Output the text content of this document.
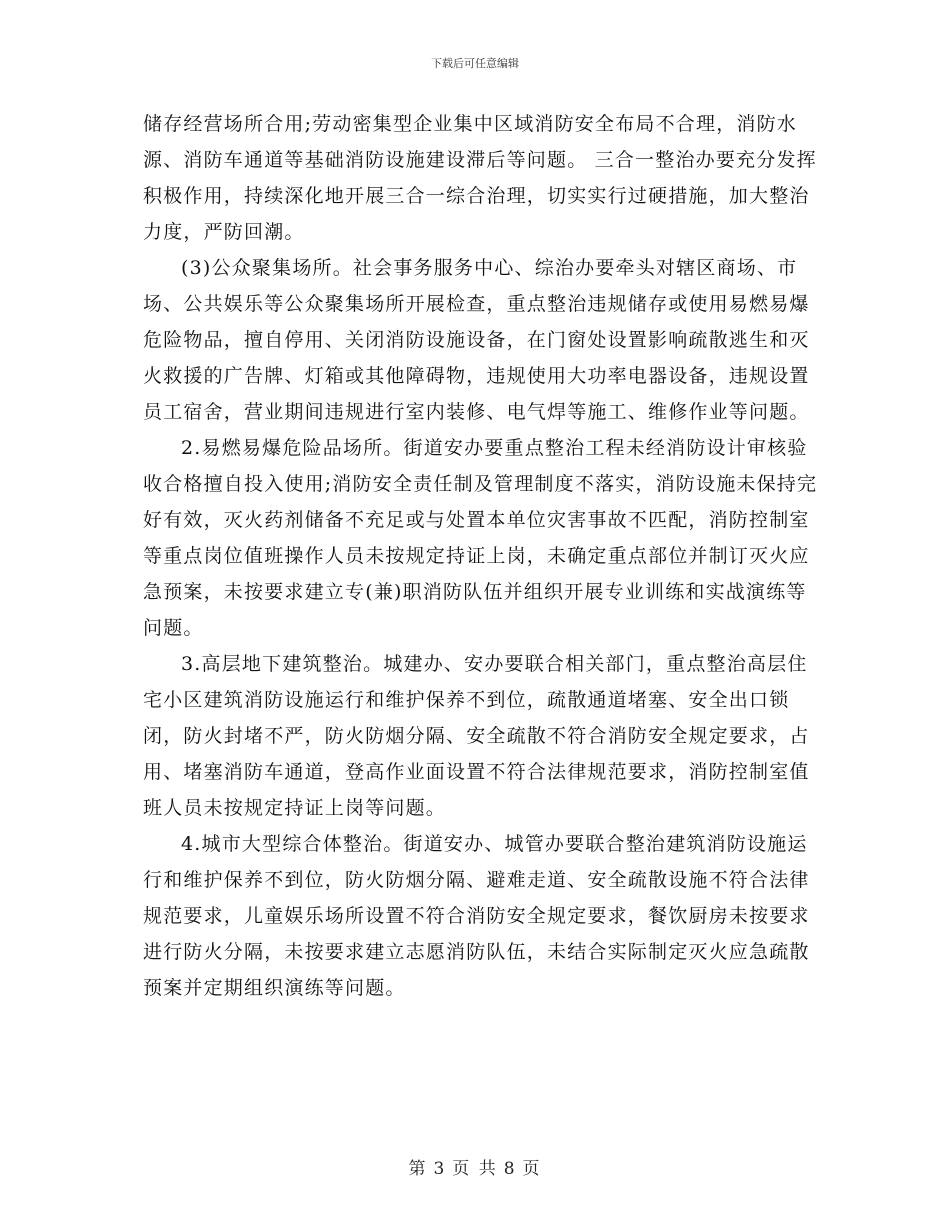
下载后可任意编辑

储存经营场所合用;劳动密集型企业集中区域消防安全布局不合理，消防水源、消防车通道等基础消防设施建设滞后等问题。 三合一整治办要充分发挥积极作用，持续深化地开展三合一综合治理，切实实行过硬措施，加大整治力度，严防回潮。

(3)公众聚集场所。社会事务服务中心、综治办要牵头对辖区商场、市场、公共娱乐等公众聚集场所开展检查，重点整治违规储存或使用易燃易爆危险物品，擅自停用、关闭消防设施设备，在门窗处设置影响疏散逃生和灭火救援的广告牌、灯箱或其他障碍物，违规使用大功率电器设备，违规设置员工宿舍，营业期间违规进行室内装修、电气焊等施工、维修作业等问题。

2.易燃易爆危险品场所。街道安办要重点整治工程未经消防设计审核验收合格擅自投入使用;消防安全责任制及管理制度不落实，消防设施未保持完好有效，灭火药剂储备不充足或与处置本单位灾害事故不匹配，消防控制室等重点岗位值班操作人员未按规定持证上岗，未确定重点部位并制订灭火应急预案，未按要求建立专(兼)职消防队伍并组织开展专业训练和实战演练等问题。

3.高层地下建筑整治。城建办、安办要联合相关部门，重点整治高层住宅小区建筑消防设施运行和维护保养不到位，疏散通道堵塞、安全出口锁闭，防火封堵不严，防火防烟分隔、安全疏散不符合消防安全规定要求，占用、堵塞消防车通道，登高作业面设置不符合法律规范要求，消防控制室值班人员未按规定持证上岗等问题。

4.城市大型综合体整治。街道安办、城管办要联合整治建筑消防设施运行和维护保养不到位，防火防烟分隔、避难走道、安全疏散设施不符合法律规范要求，儿童娱乐场所设置不符合消防安全规定要求，餐饮厨房未按要求进行防火分隔，未按要求建立志愿消防队伍，未结合实际制定灭火应急疏散预案并定期组织演练等问题。

第 3 页 共 8 页
